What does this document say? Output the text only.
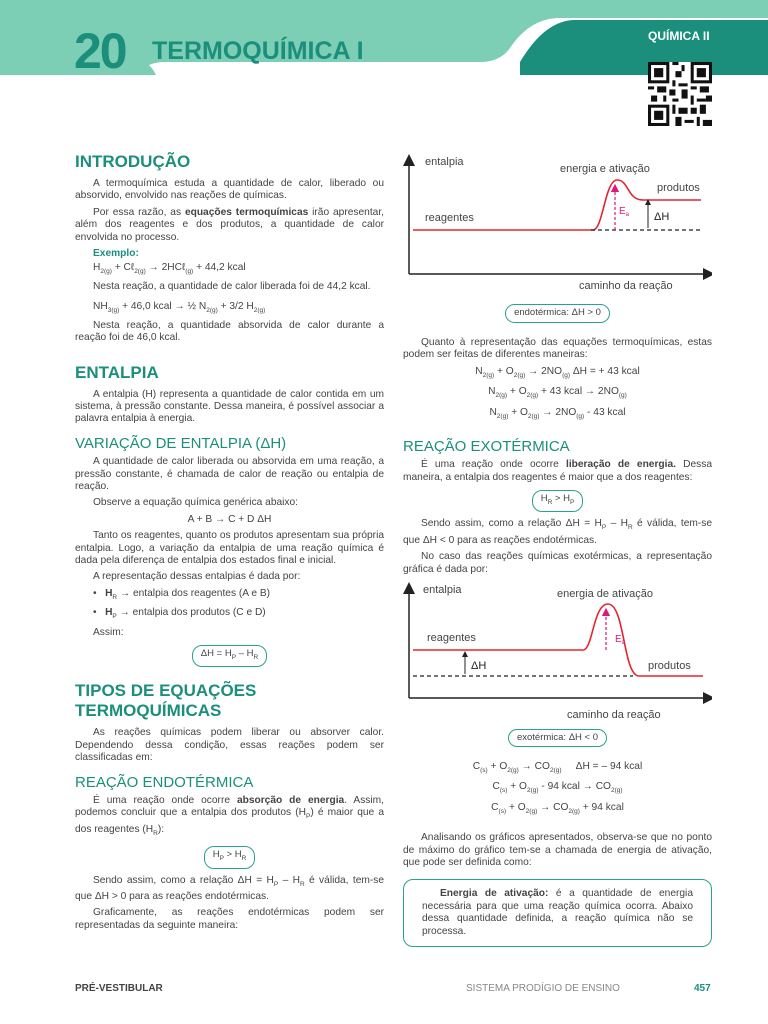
20 TERMOQUÍMICA I
QUÍMICA II
INTRODUÇÃO

A termoquímica estuda a quantidade de calor, liberado ou absorvido, envolvido nas reações de químicas.

Por essa razão, as equações termoquímicas irão apresentar, além dos reagentes e dos produtos, a quantidade de calor envolvida no processo.

Exemplo:
$H_{2(g)}$ + Cℓ$_{2(g)}$ → 2HCℓ$_{(g)}$ + 44,2 kcal

Nesta reação, a quantidade de calor liberada foi de 44,2 kcal.

$NH_{3(g)} + 46,0$ kcal → ½ $N_{2(g)} + 3/2$ $H_{2(g)}$

Nesta reação, a quantidade absorvida de calor durante a reação foi de 46,0 kcal.

ENTALPIA

A entalpia (H) representa a quantidade de calor contida em um sistema, à pressão constante. Dessa maneira, é possível associar a palavra entalpia à energia.

VARIAÇÃO DE ENTALPIA (ΔH)

A quantidade de calor liberada ou absorvida em uma reação, a pressão constante, é chamada de calor de reação ou entalpia de reação.

Observe a equação química genérica abaixo:

A + B → C + D ΔH

Tanto os reagentes, quanto os produtos apresentam sua própria entalpia. Logo, a variação da entalpia de uma reação química é dada pela diferença de entalpia dos estados final e inicial.

A representação dessas entalpias é dada por:

•   $H_R$ → entalpia dos reagentes (A e B)
•   $H_P$ → entalpia dos produtos (C e D)

Assim:

$\Delta H = H_P - H_R$
TIPOS DE EQUAÇÕES
TERMOQUÍMICAS

As reações químicas podem liberar ou absorver calor. Dependendo dessa condição, essas reações podem ser classificadas em:

REAÇÃO ENDOTÉRMICA

É uma reação onde ocorre absorção de energia. Assim, podemos concluir que a entalpia dos produtos $(H_P)$ é maior que a dos reagentes $(H_R)$:

$H_P > H_R$

Sendo assim, como a relação $\Delta H = H_P - H_R$ é válida, tem-se que ΔH > 0 para as reações endotérmicas.

Graficamente, as reações endotérmicas podem ser representadas da seguinte maneira:

entalpia
energia e ativação
produtos
reagentes
$E_a$ ΔH
caminho da reação
endotérmica: ΔH > 0

Quanto à representação das equações termoquímicas, estas podem ser feitas de diferentes maneiras:

$N_{2(g)} + O_{2(g)} \to 2NO_{(g)}$ ΔH = + 43 kcal
$N_{2(g)} + O_{2(g)} + 43$ kcal → $2NO_{(g)}$
$N_{2(g)} + O_{2(g)} \to 2NO_{(g)} - 43$ kcal
REAÇÃO EXOTÉRMICA

É uma reação onde ocorre liberação de energia. Dessa maneira, a entalpia dos reagentes é maior que a dos reagentes:

$H_R > H_P$

Sendo assim, como a relação $\Delta H = H_P - H_R$ é válida, tem-se que ΔH < 0 para as reações endotérmicas.

No caso das reações químicas exotérmicas, a representação gráfica é dada por:

entalpia	energia de ativação
reagentes	$E_a$
ΔH	produtos
caminho da reação
exotérmica: ΔH < 0
$C_{(s)} + O_{2(g)} \to CO_{2(g)}$     ΔH = – 94 kcal
$C_{(s)} + O_{2(g)} - 94$ kcal → $CO_{2(g)}$
$C_{(s)} + O_{2(g)} \to CO_{2(g)} + 94$ kcal

Analisando os gráficos apresentados, observa-se que no ponto de máximo do gráfico tem-se a chamada de energia de ativação, que pode ser definida como:

Energia de ativação: é a quantidade de energia necessária para que uma reação química ocorra. Abaixo dessa quantidade definida, a reação química não se processa.

PRÉ-VESTIBULAR	SISTEMA PRODÍGIO DE ENSINO	457
